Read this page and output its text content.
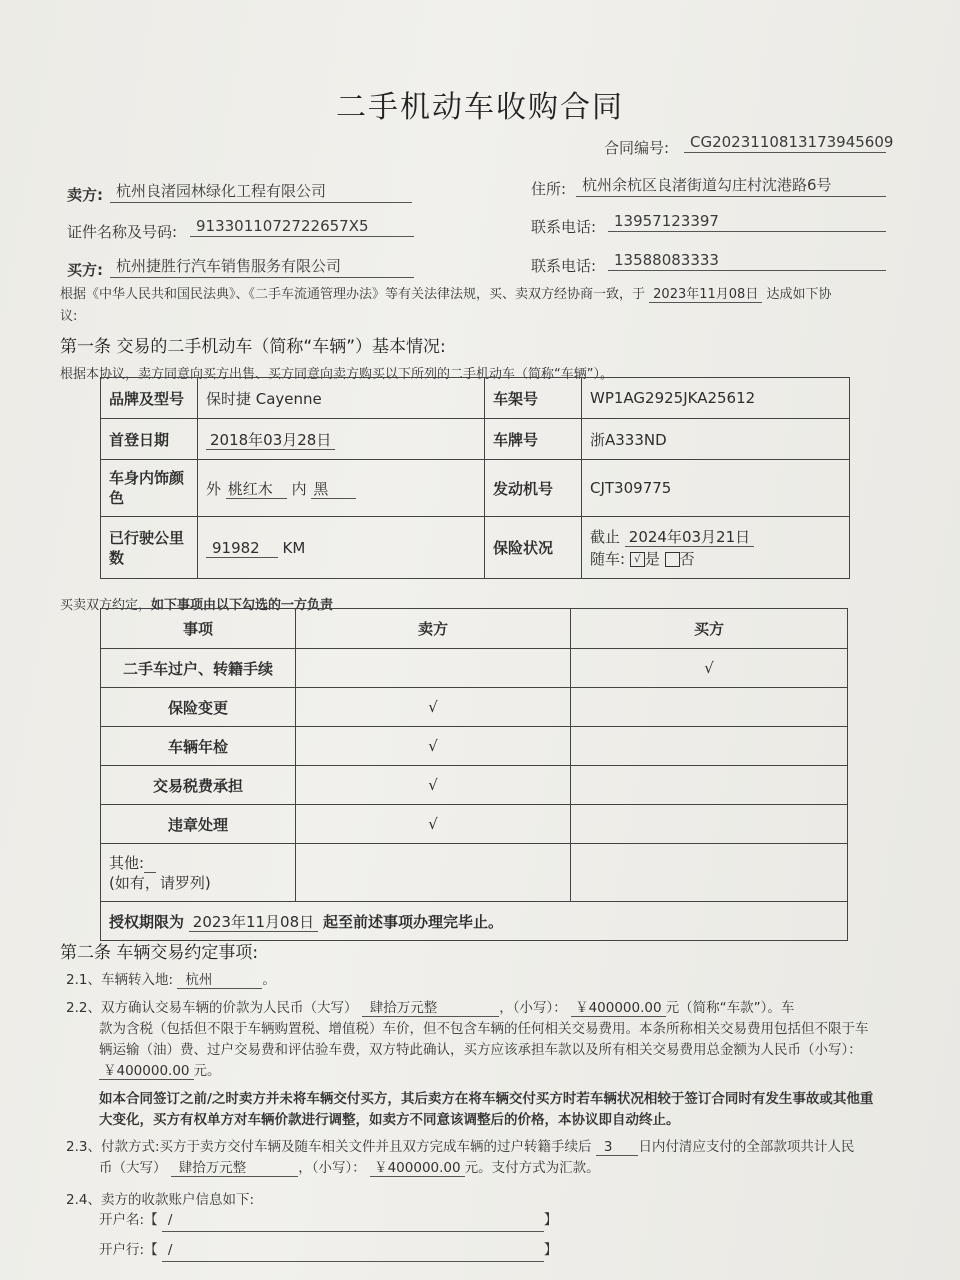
二手机动车收购合同
合同编号:	CG2023110813173945609
卖方: 杭州良渚园林绿化工程有限公司	住所:	杭州余杭区良渚街道勾庄村沈港路6号
证件名称及号码:	9133011072722657X5	联系电话:	13957123397
买方: 杭州捷胜行汽车销售服务有限公司	联系电话:	13588083333
根据《中华人民共和国民法典》、《二手车流通管理办法》等有关法律法规，买、卖双方经协商一致，于 2023年11月08日 达成如下协
议:
第一条 交易的二手机动车（简称“车辆”）基本情况:
根据本协议，卖方同意向买方出售、买方同意向卖方购买以下所列的二手机动车（简称“车辆”）。
品牌及型号	保时捷 Cayenne	车架号	WP1AG2925JKA25612
首登日期	2018年03月28日	车牌号	浙A333ND
车身内饰颜色	外 桃红木 内 黑	发动机号	CJT309775
已行驶公里数	91982 KM	保险状况	截止 2024年03月21日
随车: √ 是 否
买卖双方约定，如下事项由以下勾选的一方负责
事项	卖方	买方
二手车过户、转籍手续		√
保险变更	√	
车辆年检	√	
交易税费承担	√	
违章处理	√	
其他:
(如有，请罗列)		
授权期限为 2023年11月08日 起至前述事项办理完毕止。		
第二条 车辆交易约定事项:
2.1、车辆转入地: 杭州	。
2.2、双方确认交易车辆的价款为人民币（大写） 肆拾万元整	，（小写）： ￥400000.00 元（简称“车款”）。车
款为含税（包括但不限于车辆购置税、增值税）车价，但不包含车辆的任何相关交易费用。本条所称相关交易费用包括但不限于车
辆运输（油）费、过户交易费和评估验车费，双方特此确认，买方应该承担车款以及所有相关交易费用总金额为人民币（小写）：
￥400000.00 元。
如本合同签订之前/之时卖方并未将车辆交付买方，其后卖方在将车辆交付买方时若车辆状况相较于签订合同时有发生事故或其他重
大变化，买方有权单方对车辆价款进行调整，如卖方不同意该调整后的价格，本协议即自动终止。
2.3、付款方式:买方于卖方交付车辆及随车相关文件并且双方完成车辆的过户转籍手续后 3 日内付清应支付的全部款项共计人民
币（大写） 肆拾万元整	，（小写）： ￥400000.00 元。支付方式为汇款。
2.4、卖方的收款账户信息如下:
开户名:【 /	】
开户行:【 /	】
